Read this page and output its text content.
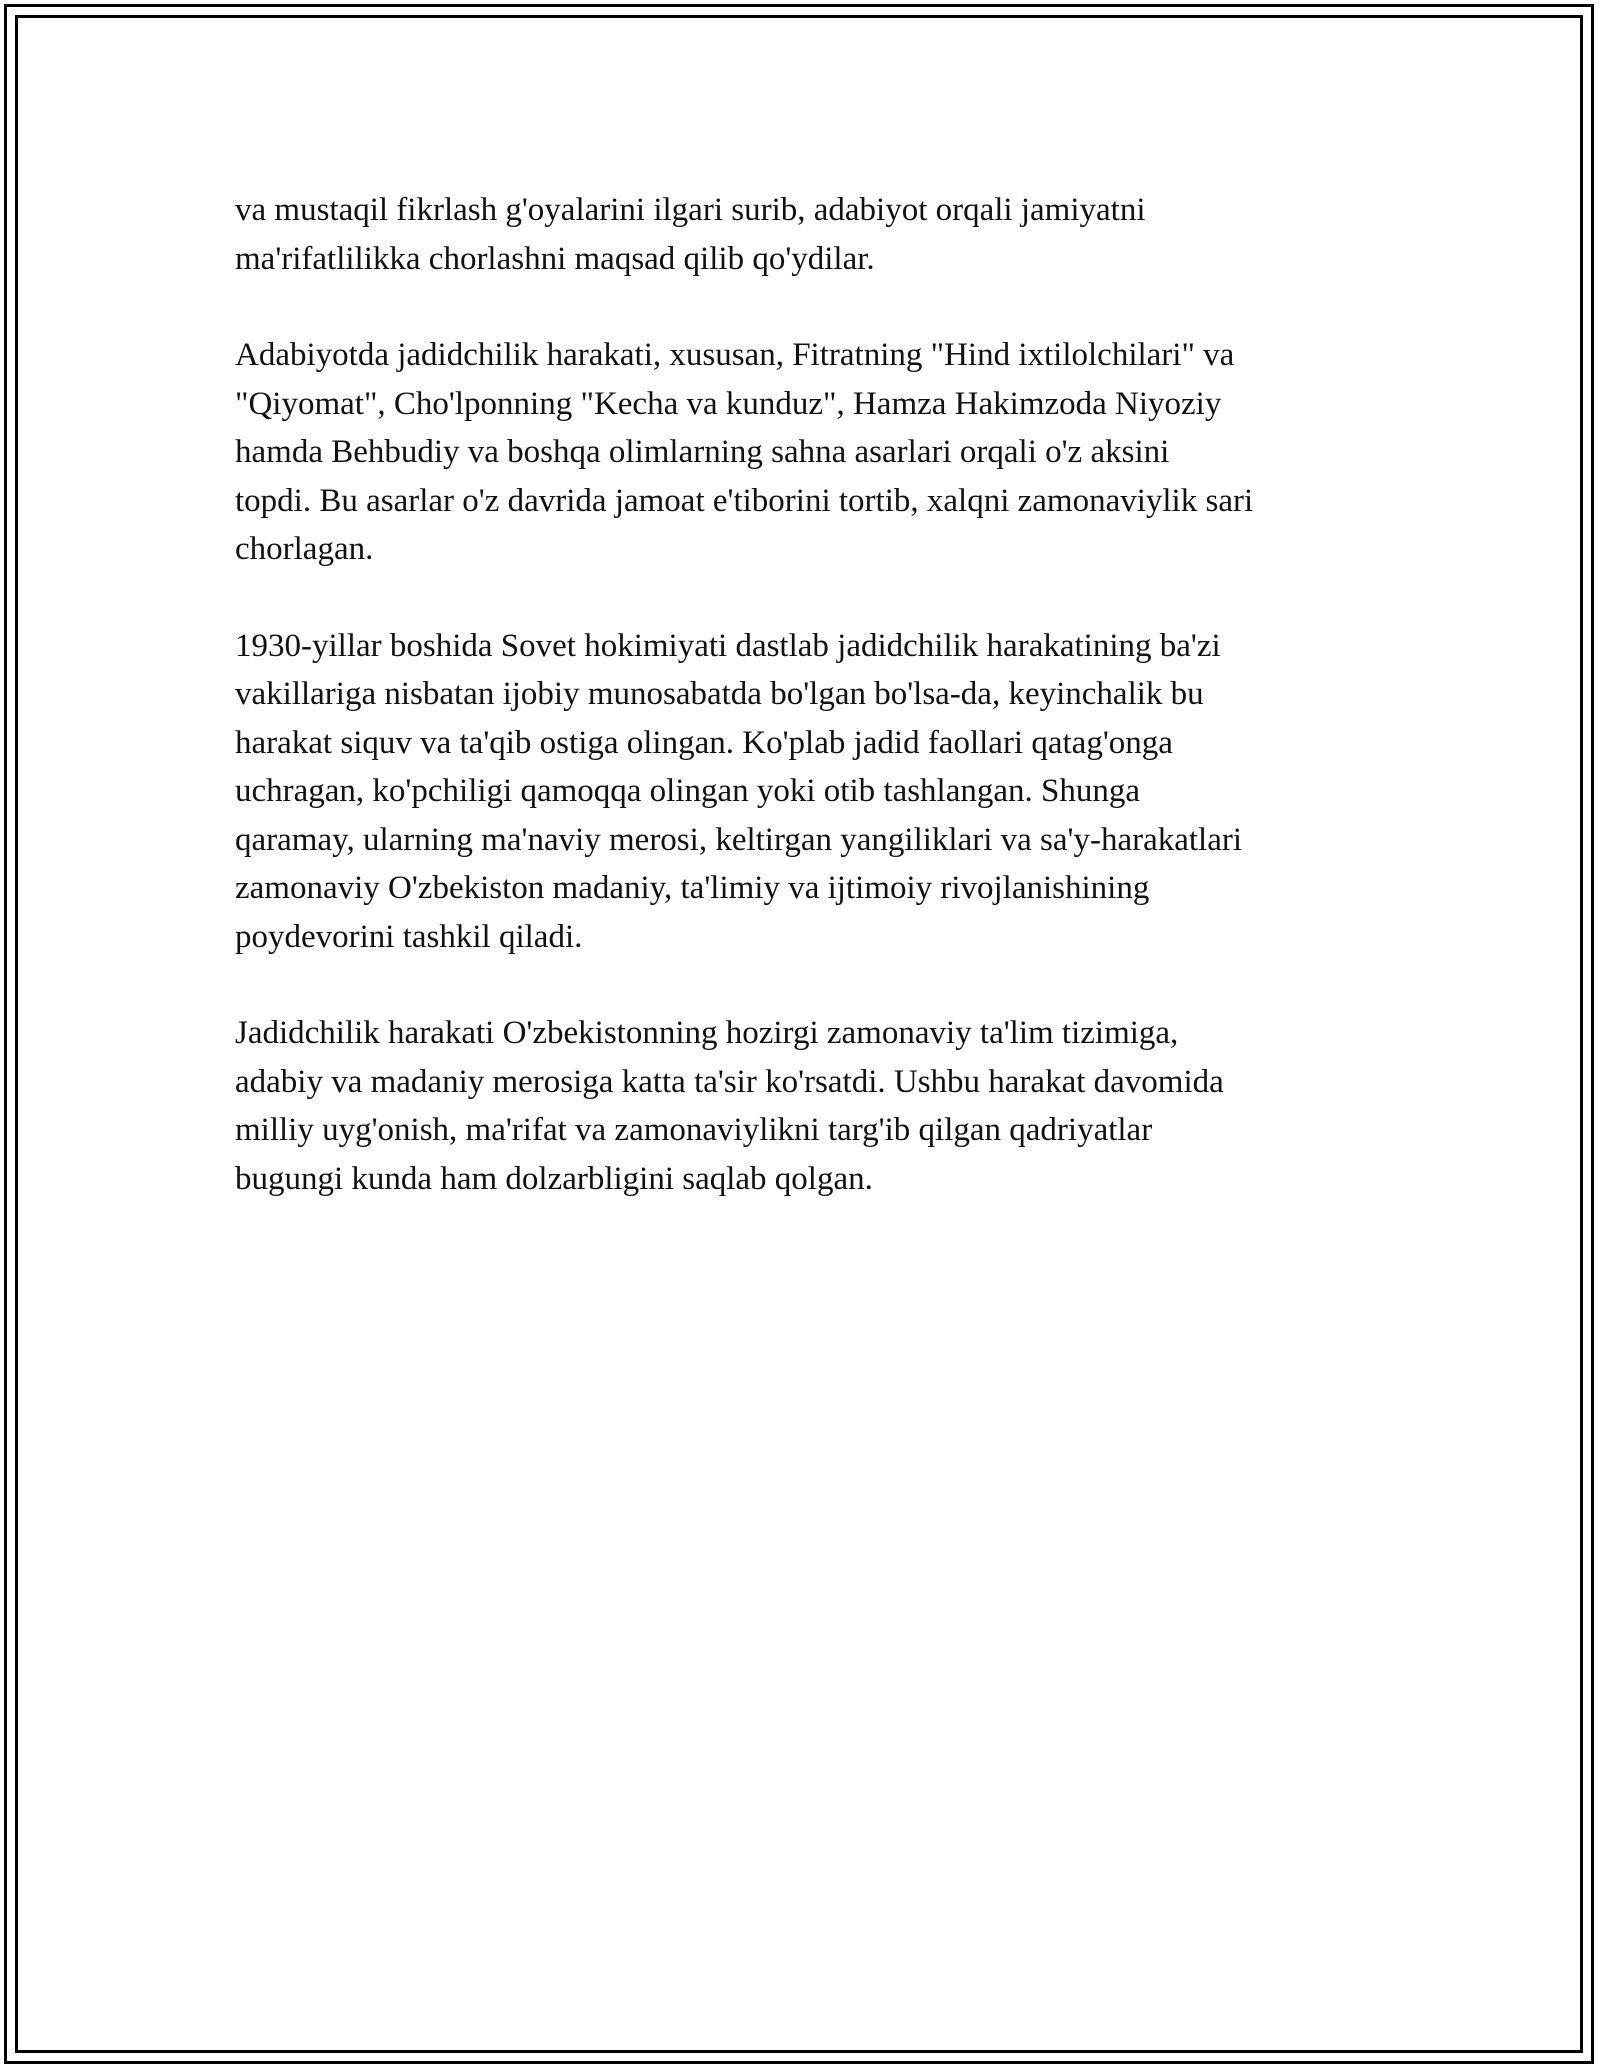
va mustaqil fikrlash g'oyalarini ilgari surib, adabiyot orqali jamiyatni
ma'rifatlilikka chorlashni maqsad qilib qo'ydilar.

Adabiyotda jadidchilik harakati, xususan, Fitratning "Hind ixtilolchilari" va
"Qiyomat", Cho'lponning "Kecha va kunduz", Hamza Hakimzoda Niyoziy
hamda Behbudiy va boshqa olimlarning sahna asarlari orqali o'z aksini
topdi. Bu asarlar o'z davrida jamoat e'tiborini tortib, xalqni zamonaviylik sari
chorlagan.

1930-yillar boshida Sovet hokimiyati dastlab jadidchilik harakatining ba'zi
vakillariga nisbatan ijobiy munosabatda bo'lgan bo'lsa-da, keyinchalik bu
harakat siquv va ta'qib ostiga olingan. Ko'plab jadid faollari qatag'onga
uchragan, ko'pchiligi qamoqqa olingan yoki otib tashlangan. Shunga
qaramay, ularning ma'naviy merosi, keltirgan yangiliklari va sa'y-harakatlari
zamonaviy O'zbekiston madaniy, ta'limiy va ijtimoiy rivojlanishining
poydevorini tashkil qiladi.

Jadidchilik harakati O'zbekistonning hozirgi zamonaviy ta'lim tizimiga,
adabiy va madaniy merosiga katta ta'sir ko'rsatdi. Ushbu harakat davomida
milliy uyg'onish, ma'rifat va zamonaviylikni targ'ib qilgan qadriyatlar
bugungi kunda ham dolzarbligini saqlab qolgan.
